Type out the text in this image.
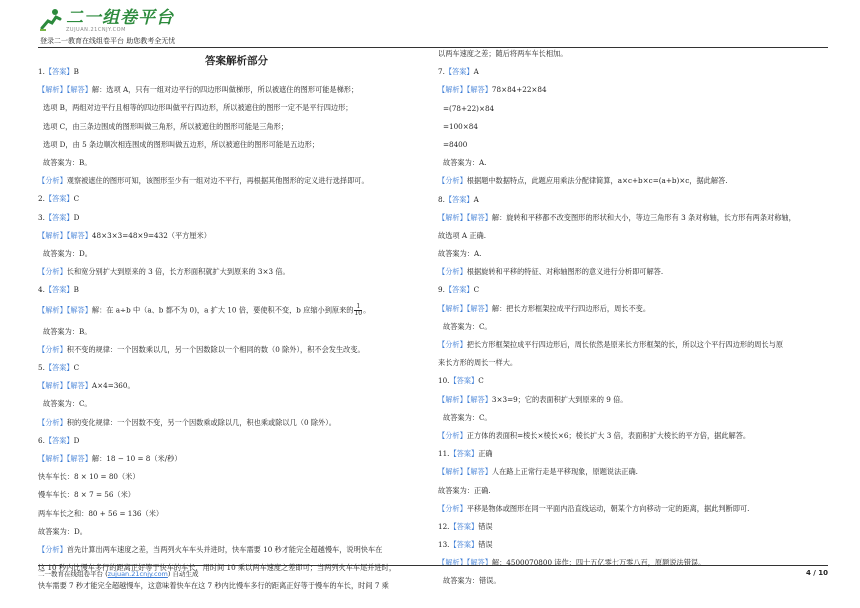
二一组卷平台
ZUJUAN.21CNJY.COM
登录二一教育在线组卷平台 助您教考全无忧
答案解析部分
1.【答案】B
【解析】【解答】解：选项 A，只有一组对边平行的四边形叫做梯形，所以被遮住的图形可能是梯形；
选项 B，两组对边平行且相等的四边形叫做平行四边形，所以被遮住的图形一定不是平行四边形；
选项 C，由三条边围成的图形叫做三角形，所以被遮住的图形可能是三角形；
选项 D，由 5 条边顺次相连围成的图形叫做五边形，所以被遮住的图形可能是五边形；
故答案为：B。
【分析】观察被遮住的图形可知，该图形至少有一组对边不平行，再根据其他图形的定义进行选择即可。
2.【答案】C
3.【答案】D
【解析】【解答】48×3×3=48×9=432（平方厘米）
故答案为：D。
【分析】长和宽分别扩大到原来的 3 倍，长方形面积就扩大到原来的 3×3 倍。
4.【答案】B
【解析】【解答】解：在 a÷b 中（a、b 都不为 0)，a 扩大 10 倍，要使积不变，b 应缩小到原来的 $\frac{1}{10}$ 。
故答案为：B。
【分析】积不变的规律：一个因数乘以几，另一个因数除以一个相同的数（0 除外），积不会发生改变。
5.【答案】C
【解析】【解答】A×4=360。
故答案为：C。
【分析】积的变化规律：一个因数不变，另一个因数乘或除以几，积也乘或除以几（0 除外）。
6.【答案】D
【解析】【解答】解：18 − 10 = 8（米/秒）
快车车长：8 × 10 = 80（米）
慢车车长：8 × 7 = 56（米）
两车车长之和：80 + 56 = 136（米）
故答案为：D。
【分析】首先计算出两车速度之差，当两列火车车头并进时，快车需要 10 秒才能完全超越慢车，说明快车在
这 10 秒内比慢车多行的距离正好等于快车的车长，用时间 10 乘以两车速度之差即可；当两列火车车尾并进时，
快车需要 7 秒才能完全超越慢车，这意味着快车在这 7 秒内比慢车多行的距离正好等于慢车的车长，时间 7 乘
以两车速度之差；随后将两车车长相加。
7.【答案】A
【解析】【解答】78×84+22×84
=(78+22)×84
=100×84
=8400
故答案为：A.
【分析】根据题中数据特点，此题应用乘法分配律简算，a×c+b×c=(a+b)×c，据此解答.
8.【答案】A
【解析】【解答】解：旋转和平移都不改变图形的形状和大小，等边三角形有 3 条对称轴，长方形有两条对称轴，
故选项 A 正确.
故答案为：A.
【分析】根据旋转和平移的特征、对称轴图形的意义进行分析即可解答.
9.【答案】C
【解析】【解答】解：把长方形框架拉成平行四边形后，周长不变。
故答案为：C。
【分析】把长方形框架拉成平行四边形后，周长依然是原来长方形框架的长，所以这个平行四边形的周长与原
来长方形的周长一样大。
10.【答案】C
【解析】【解答】3×3=9；它的表面积扩大到原来的 9 倍。
故答案为：C。
【分析】正方体的表面积=棱长×棱长×6；棱长扩大 3 倍，表面积扩大棱长的平方倍，据此解答。
11.【答案】正确
【解析】【解答】人在路上正常行走是平移现象，原题说法正确.
故答案为：正确.
【分析】平移是物体或图形在同一平面内沿直线运动，朝某个方向移动一定的距离，据此判断即可.
12.【答案】错误
13.【答案】错误
【解析】【解答】解：4500070800 读作：四十五亿零七万零八百，原题说法错误。
故答案为：错误。
二一教育在线组卷平台 (zujuan.21cnjy.com) 自动生成	4 / 10
